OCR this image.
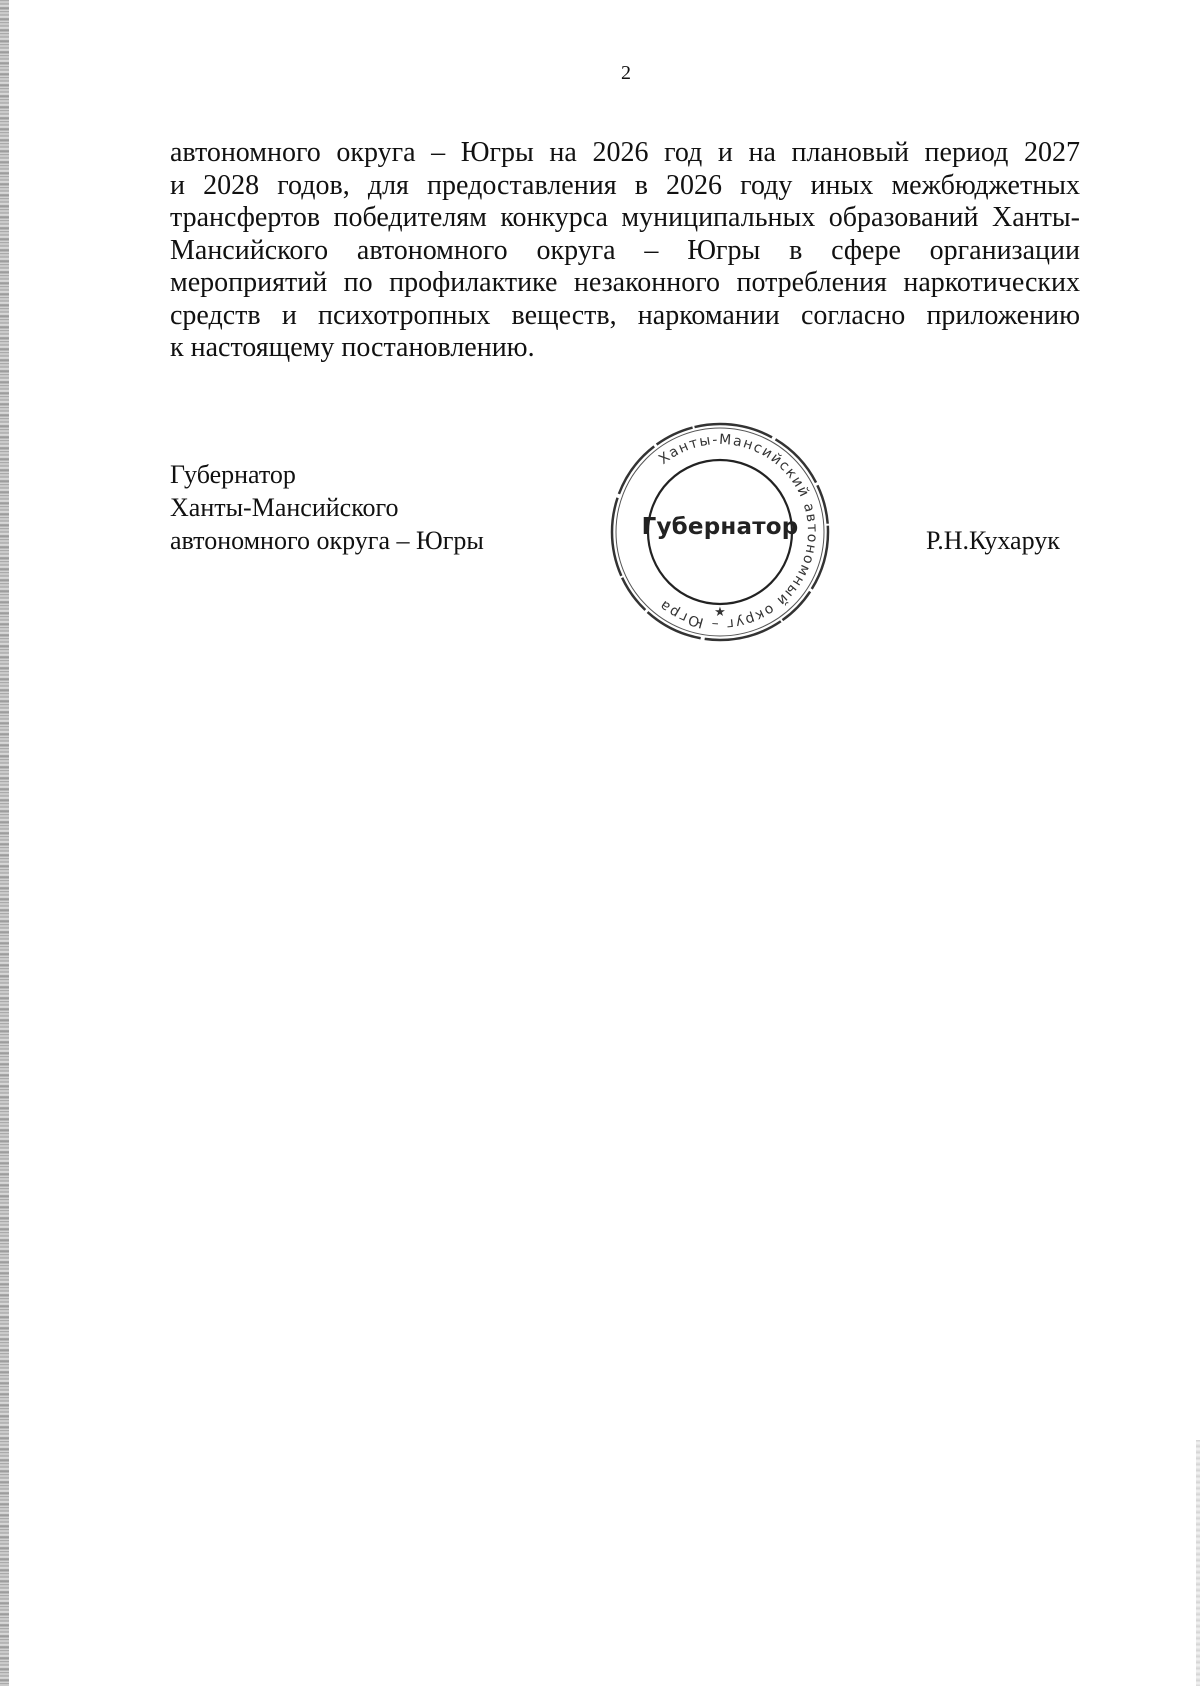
2
автономного округа – Югры на 2026 год и на плановый период 2027
и 2028 годов, для предоставления в 2026 году иных межбюджетных
трансфертов победителям конкурса муниципальных образований Ханты-
Мансийского автономного округа – Югры в сфере организации
мероприятий по профилактике незаконного потребления наркотических
средств и психотропных веществ, наркомании согласно приложению
к настоящему постановлению.
Губернатор
Ханты-Мансийского
автономного округа – Югры
Ханты-Мансийский автономный округ – Югра	★
Губернатор	Р.Н.Кухарук
